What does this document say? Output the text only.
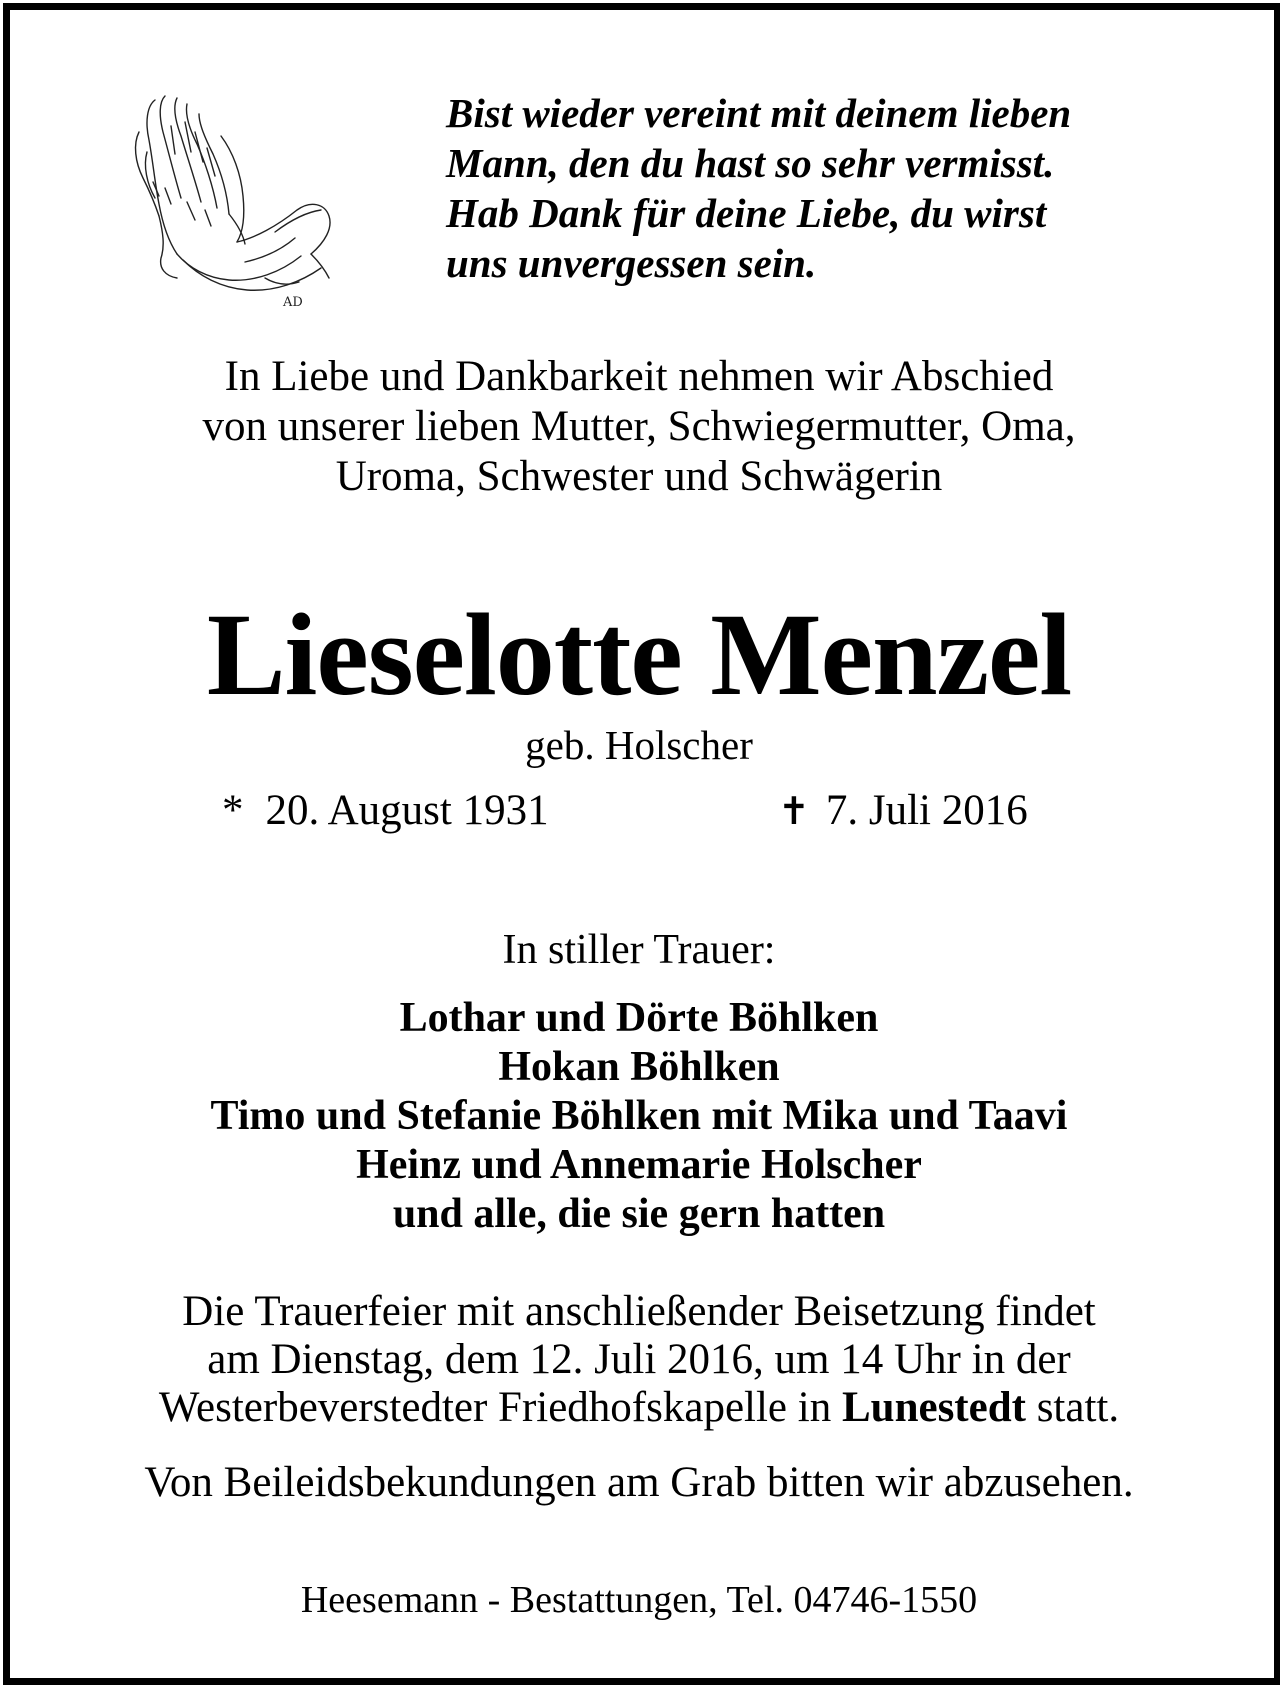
AD
Bist wieder vereint mit deinem lieben
Mann, den du hast so sehr vermisst.
Hab Dank für deine Liebe, du wirst
uns unvergessen sein.
In Liebe und Dankbarkeit nehmen wir Abschied
von unserer lieben Mutter, Schwiegermutter, Oma,
Uroma, Schwester und Schwägerin
Lieselotte Menzel
geb. Holscher
* 20. August 1931	✝ 7. Juli 2016
In stiller Trauer:
Lothar und Dörte Böhlken
Hokan Böhlken
Timo und Stefanie Böhlken mit Mika und Taavi
Heinz und Annemarie Holscher
und alle, die sie gern hatten
Die Trauerfeier mit anschließender Beisetzung findet
am Dienstag, dem 12. Juli 2016, um 14 Uhr in der
Westerbeverstedter Friedhofskapelle in Lunestedt statt.
Von Beileidsbekundungen am Grab bitten wir abzusehen.
Heesemann - Bestattungen, Tel. 04746-1550
